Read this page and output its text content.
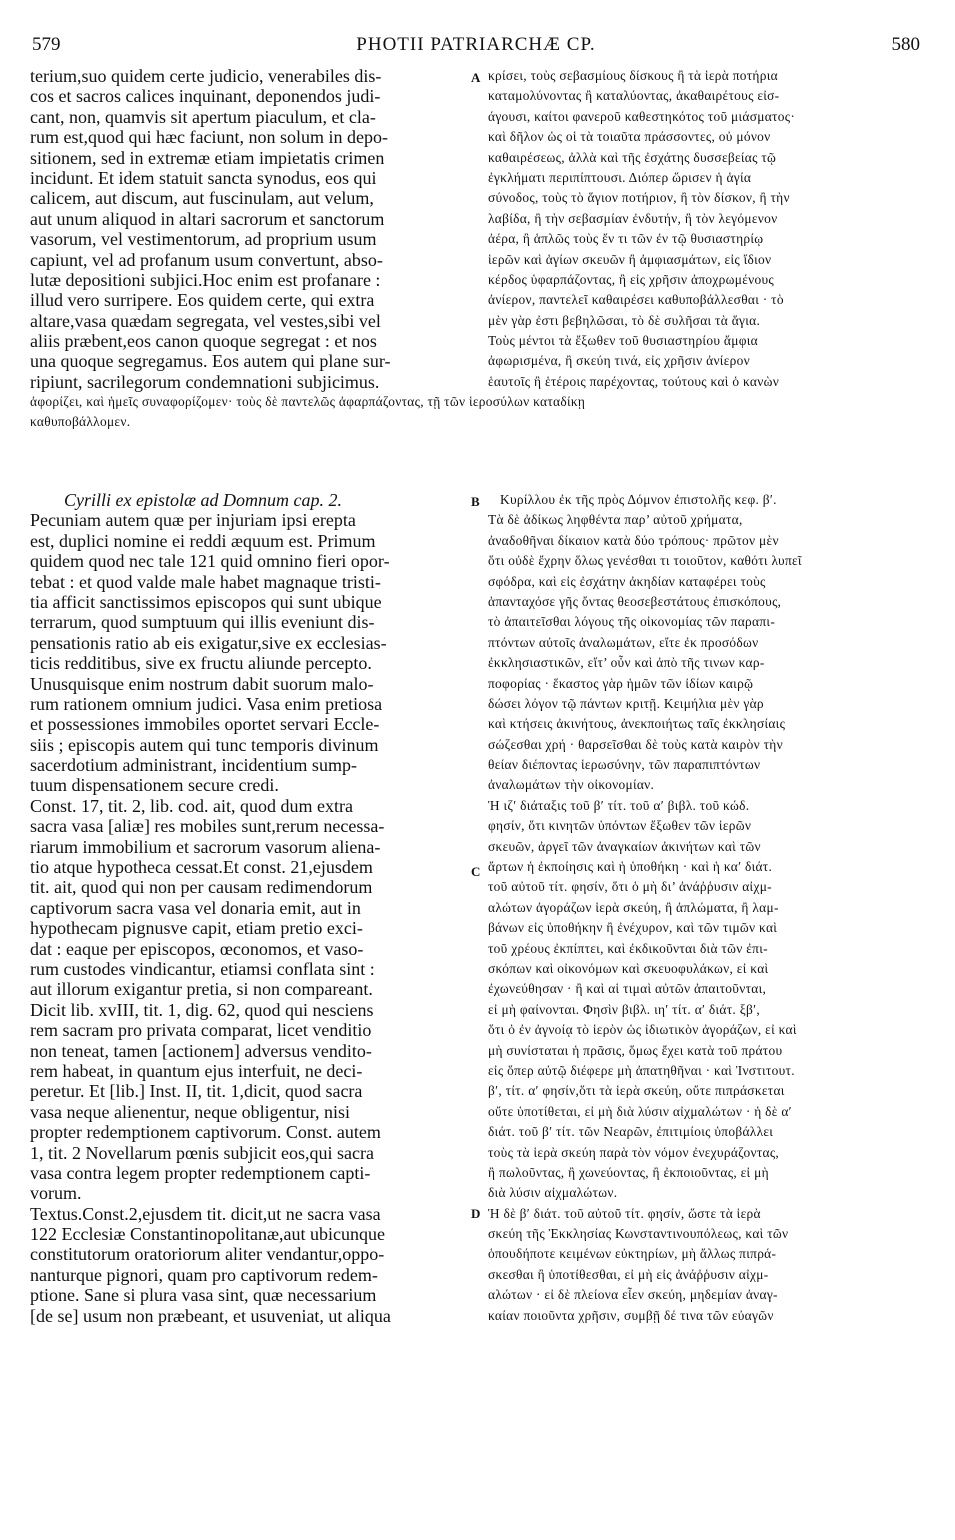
579	PHOTII PATRIARCHÆ CP.	580
A
B
C
D
terium,suo quidem certe judicio, venerabiles dis-
cos et sacros calices inquinant, deponendos judi-
cant, non, quamvis sit apertum piaculum, et cla-
rum est,quod qui hæc faciunt, non solum in depo-
sitionem, sed in extremæ etiam impietatis crimen
incidunt. Et idem statuit sancta synodus, eos qui
calicem, aut discum, aut fuscinulam, aut velum,
aut unum aliquod in altari sacrorum et sanctorum
vasorum, vel vestimentorum, ad proprium usum
capiunt, vel ad profanum usum convertunt, abso-
lutæ depositioni subjici.Hoc enim est profanare :
illud vero surripere. Eos quidem certe, qui extra
altare,vasa quædam segregata, vel vestes,sibi vel
aliis præbent,eos canon quoque segregat : et nos
una quoque segregamus. Eos autem qui plane sur-
ripiunt, sacrilegorum condemnationi subjicimus.
κρίσει, τοὺς σεβασμίους δίσκους ἢ τὰ ἱερὰ ποτήρια
καταμολύνοντας ἢ καταλύοντας, ἀκαθαιρέτους εἰσ-
άγουσι, καίτοι φανεροῦ καθεστηκότος τοῦ μιάσματος·
καὶ δῆλον ὡς οἱ τὰ τοιαῦτα πράσσοντες, οὐ μόνον
καθαιρέσεως, ἀλλὰ καὶ τῆς ἐσχάτης δυσσεβείας τῷ
ἐγκλήματι περιπίπτουσι. Διόπερ ὥρισεν ἡ ἁγία
σύνοδος, τοὺς τὸ ἅγιον ποτήριον, ἢ τὸν δίσκον, ἢ τὴν
λαβίδα, ἢ τὴν σεβασμίαν ἐνδυτήν, ἢ τὸν λεγόμενον
ἀέρα, ἢ ἁπλῶς τοὺς ἔν τι τῶν ἐν τῷ θυσιαστηρίῳ
ἱερῶν καὶ ἁγίων σκευῶν ἢ ἀμφιασμάτων, εἰς ἴδιον
κέρδος ὑφαρπάζοντας, ἢ εἰς χρῆσιν ἀποχρωμένους
ἀνίερον, παντελεῖ καθαιρέσει καθυποβάλλεσθαι · τὸ
μὲν γὰρ ἐστι βεβηλῶσαι, τὸ δὲ συλῆσαι τὰ ἅγια.
Τοὺς μέντοι τὰ ἔξωθεν τοῦ θυσιαστηρίου ἄμφια
ἀφωρισμένα, ἢ σκεύη τινά, εἰς χρῆσιν ἀνίερον
ἑαυτοῖς ἢ ἑτέροις παρέχοντας, τούτους καὶ ὁ κανὼν
ἀφορίζει, καὶ ἡμεῖς συναφορίζομεν· τοὺς δὲ παντελῶς ἀφαρπάζοντας, τῇ τῶν ἱεροσύλων καταδίκῃ
καθυποβάλλομεν.
Cyrilli ex epistolæ ad Domnum cap. 2.
Pecuniam autem quæ per injuriam ipsi erepta
est, duplici nomine ei reddi æquum est. Primum
quidem quod nec tale 121 quid omnino fieri opor-
tebat : et quod valde male habet magnaque tristi-
tia afficit sanctissimos episcopos qui sunt ubique
terrarum, quod sumptuum qui illis eveniunt dis-
pensationis ratio ab eis exigatur,sive ex ecclesias-
ticis redditibus, sive ex fructu aliunde percepto.
Unusquisque enim nostrum dabit suorum malo-
rum rationem omnium judici. Vasa enim pretiosa
et possessiones immobiles oportet servari Eccle-
siis ; episcopis autem qui tunc temporis divinum
sacerdotium administrant, incidentium sump-
tuum dispensationem secure credi.
Const. 17, tit. 2, lib. cod. ait, quod dum extra
sacra vasa [aliæ] res mobiles sunt,rerum necessa-
riarum immobilium et sacrorum vasorum aliena-
tio atque hypotheca cessat.Et const. 21,ejusdem
tit. ait, quod qui non per causam redimendorum
captivorum sacra vasa vel donaria emit, aut in
hypothecam pignusve capit, etiam pretio exci-
dat : eaque per episcopos, œconomos, et vaso-
rum custodes vindicantur, etiamsi conflata sint :
aut illorum exigantur pretia, si non compareant.
Dicit lib. xvIII, tit. 1, dig. 62, quod qui nesciens
rem sacram pro privata comparat, licet venditio
non teneat, tamen [actionem] adversus vendito-
rem habeat, in quantum ejus interfuit, ne deci-
peretur. Et [lib.] Inst. II, tit. 1,dicit, quod sacra
vasa neque alienentur, neque obligentur, nisi
propter redemptionem captivorum. Const. autem
1, tit. 2 Novellarum pœnis subjicit eos,qui sacra
vasa contra legem propter redemptionem capti-
vorum.
Textus.Const.2,ejusdem tit. dicit,ut ne sacra vasa
122 Ecclesiæ Constantinopolitanæ,aut ubicunque
constitutorum oratoriorum aliter vendantur,oppo-
nanturque pignori, quam pro captivorum redem-
ptione. Sane si plura vasa sint, quæ necessarium
[de se] usum non præbeant, et usuveniat, ut aliqua
Κυρίλλου ἐκ τῆς πρὸς Δόμνον ἐπιστολῆς κεφ. β′.
Τὰ δὲ ἀδίκως ληφθέντα παρ’ αὐτοῦ χρήματα,
ἀναδοθῆναι δίκαιον κατὰ δύο τρόπους· πρῶτον μὲν
ὅτι οὐδὲ ἔχρην ὅλως γενέσθαι τι τοιοῦτον, καθότι λυπεῖ
σφόδρα, καὶ εἰς ἐσχάτην ἀκηδίαν καταφέρει τοὺς
ἁπανταχόσε γῆς ὄντας θεοσεβεστάτους ἐπισκόπους,
τὸ ἀπαιτεῖσθαι λόγους τῆς οἰκονομίας τῶν παραπι-
πτόντων αὐτοῖς ἀναλωμάτων, εἴτε ἐκ προσόδων
ἐκκλησιαστικῶν, εἴτ’ οὖν καὶ ἀπὸ τῆς τινων καρ-
ποφορίας · ἕκαστος γὰρ ἡμῶν τῶν ἰδίων καιρῷ
δώσει λόγον τῷ πάντων κριτῇ. Κειμήλια μὲν γὰρ
καὶ κτήσεις ἀκινήτους, ἀνεκποιήτως ταῖς ἐκκλησίαις
σώζεσθαι χρή · θαρσεῖσθαι δὲ τοὺς κατὰ καιρὸν τὴν
θείαν διέποντας ἱερωσύνην, τῶν παραπιπτόντων
ἀναλωμάτων τὴν οἰκονομίαν.
Ἡ ιζ′ διάταξις τοῦ β′ τίτ. τοῦ α′ βιβλ. τοῦ κώδ.
φησίν, ὅτι κινητῶν ὑπόντων ἔξωθεν τῶν ἱερῶν
σκευῶν, ἀργεῖ τῶν ἀναγκαίων ἀκινήτων καὶ τῶν
ἄρτων ἡ ἐκποίησις καὶ ἡ ὑποθήκη · καὶ ἡ κα′ διάτ.
τοῦ αὐτοῦ τίτ. φησίν, ὅτι ὁ μὴ δι’ ἀνάῤῥυσιν αἰχμ-
αλώτων ἀγοράζων ἱερὰ σκεύη, ἢ ἀπλώματα, ἢ λαμ-
βάνων εἰς ὑποθήκην ἢ ἐνέχυρον, καὶ τῶν τιμῶν καὶ
τοῦ χρέους ἐκπίπτει, καὶ ἐκδικοῦνται διὰ τῶν ἐπι-
σκόπων καὶ οἰκονόμων καὶ σκευοφυλάκων, εἰ καὶ
ἐχωνεύθησαν · ἢ καὶ αἱ τιμαὶ αὐτῶν ἀπαιτοῦνται,
εἰ μὴ φαίνονται. Φησὶν βιβλ. ιη′ τίτ. α′ διάτ. ξβ′,
ὅτι ὁ ἐν ἀγνοίᾳ τὸ ἱερὸν ὡς ἰδιωτικὸν ἀγοράζων, εἰ καὶ
μὴ συνίσταται ἡ πρᾶσις, ὅμως ἔχει κατὰ τοῦ πράτου
εἰς ὅπερ αὐτῷ διέφερε μὴ ἀπατηθῆναι · καὶ Ἰνστιτουτ.
β′, τίτ. α′ φησίν,ὅτι τὰ ἱερὰ σκεύη, οὔτε πιπράσκεται
οὔτε ὑποτίθεται, εἰ μὴ διὰ λύσιν αἰχμαλώτων · ἡ δὲ α′
διάτ. τοῦ β′ τίτ. τῶν Νεαρῶν, ἐπιτιμίοις ὑποβάλλει
τοὺς τὰ ἱερὰ σκεύη παρὰ τὸν νόμον ἐνεχυράζοντας,
ἢ πωλοῦντας, ἢ χωνεύοντας, ἢ ἐκποιοῦντας, εἰ μὴ
διὰ λύσιν αἰχμαλώτων.
Ἡ δὲ β′ διάτ. τοῦ αὐτοῦ τίτ. φησίν, ὥστε τὰ ἱερὰ
σκεύη τῆς Ἐκκλησίας Κωνσταντινουπόλεως, καὶ τῶν
ὁπουδήποτε κειμένων εὐκτηρίων, μὴ ἄλλως πιπρά-
σκεσθαι ἢ ὑποτίθεσθαι, εἰ μὴ εἰς ἀνάῤῥυσιν αἰχμ-
αλώτων · εἰ δὲ πλείονα εἶεν σκεύη, μηδεμίαν ἀναγ-
καίαν ποιοῦντα χρῆσιν, συμβῇ δέ τινα τῶν εὐαγῶν
